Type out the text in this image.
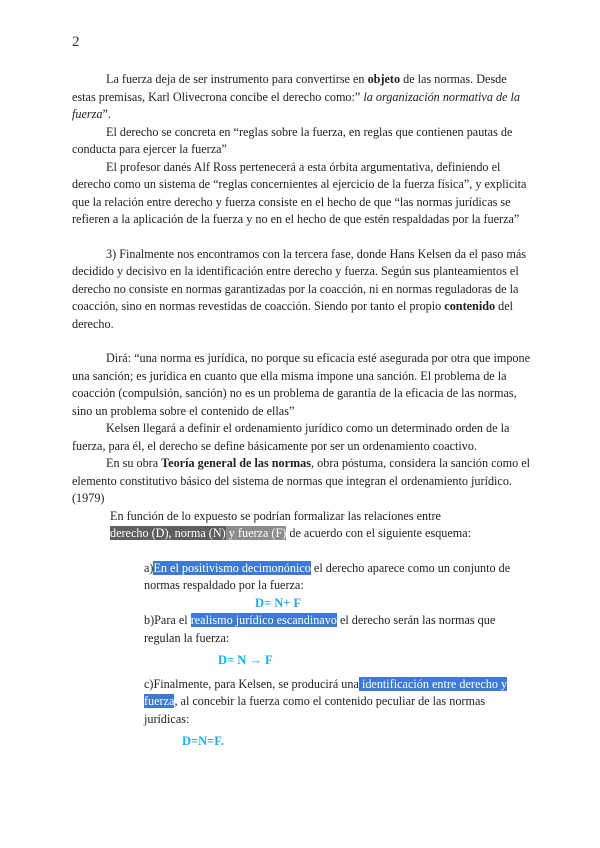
2

La fuerza deja de ser instrumento para convertirse en objeto de las normas. Desde estas premisas, Karl Olivecrona concibe el derecho como:” la organización normativa de la fuerza”.

El derecho se concreta en “reglas sobre la fuerza, en reglas que contienen pautas de conducta para ejercer la fuerza”

El profesor danés Alf Ross pertenecerá a esta órbita argumentativa, definiendo el derecho como un sistema de “reglas concernientes al ejercicio de la fuerza física”, y explicita que la relación entre derecho y fuerza consiste en el hecho de que “las normas jurídicas se refieren a la aplicación de la fuerza y no en el hecho de que estén respaldadas por la fuerza”

3) Finalmente nos encontramos con la tercera fase, donde Hans Kelsen da el paso más decidido y decisivo en la identificación entre derecho y fuerza. Según sus planteamientos el derecho no consiste en normas garantizadas por la coacción, ni en normas reguladoras de la coacción, sino en normas revestidas de coacción. Siendo por tanto el propio contenido del derecho.

Dirá: “una norma es jurídica, no porque su eficacia esté asegurada por otra que impone una sanción; es jurídica en cuanto que ella misma impone una sanción. El problema de la coacción (compulsión, sanción) no es un problema de garantía de la eficacia de las normas, sino un problema sobre el contenido de ellas”

Kelsen llegará a definir el ordenamiento jurídico como un determinado orden de la fuerza, para él, el derecho se define básicamente por ser un ordenamiento coactivo.

En su obra Teoría general de las normas, obra póstuma, considera la sanción como el elemento constitutivo básico del sistema de normas que integran el ordenamiento jurídico. (1979)

En función de lo expuesto se podrían formalizar las relaciones entre
derecho (D), norma (N) y fuerza (F) de acuerdo con el siguiente esquema:
a)En el positivismo decimonónico el derecho aparece como un conjunto de normas respaldado por la fuerza:
D= N+ F
b)Para el realismo jurídico escandinavo el derecho serán las normas que regulan la fuerza:
D= N → F
c)Finalmente, para Kelsen, se producirá una identificación entre derecho y fuerza, al concebir la fuerza como el contenido peculiar de las normas jurídicas:
D=N=F.
